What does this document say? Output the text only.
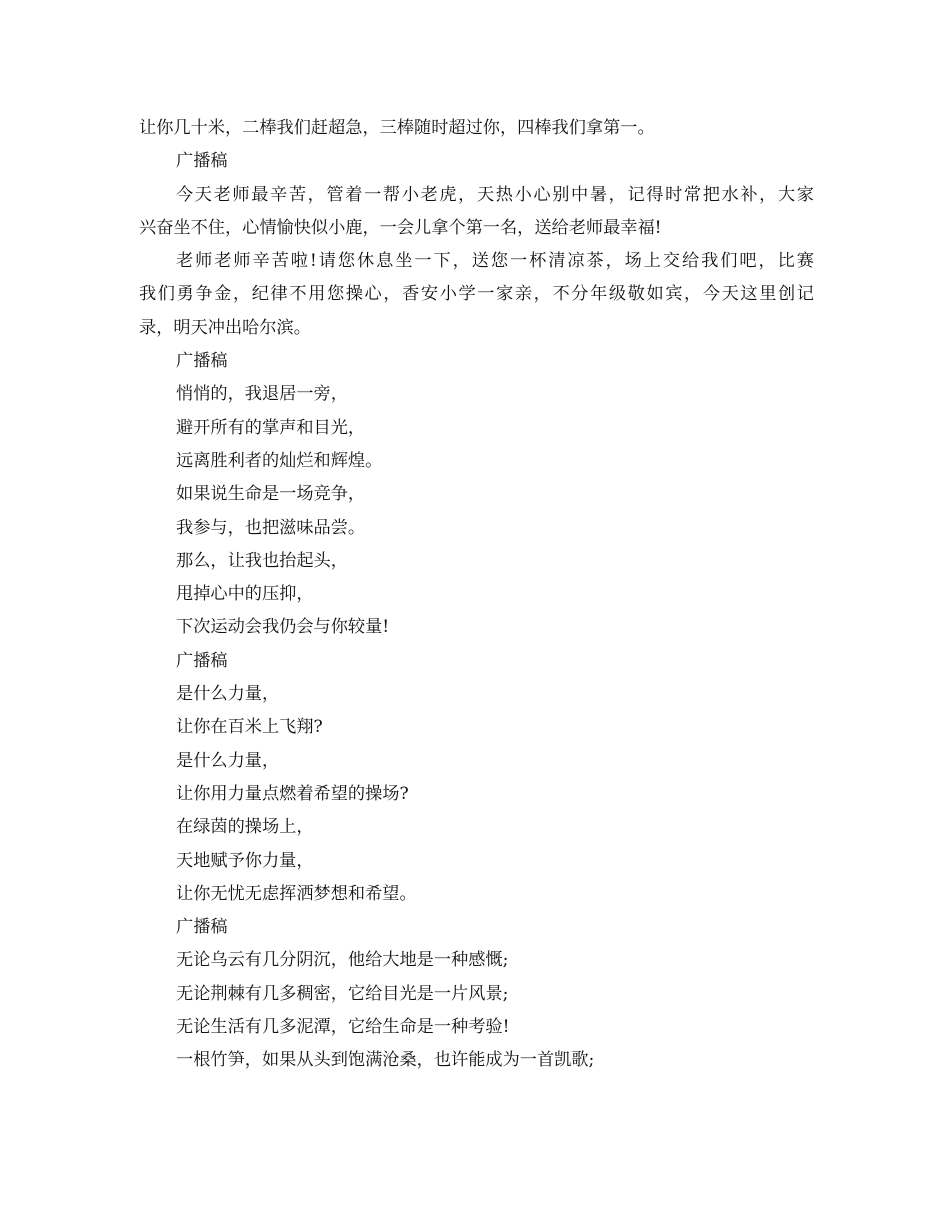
让你几十米，二棒我们赶超急，三棒随时超过你，四棒我们拿第一。
广播稿
今天老师最辛苦，管着一帮小老虎，天热小心别中暑，记得时常把水补，大家
兴奋坐不住，心情愉快似小鹿，一会儿拿个第一名，送给老师最幸福!
老师老师辛苦啦!请您休息坐一下，送您一杯清凉茶，场上交给我们吧，比赛
我们勇争金，纪律不用您操心，香安小学一家亲，不分年级敬如宾，今天这里创记
录，明天冲出哈尔滨。
广播稿
悄悄的，我退居一旁，
避开所有的掌声和目光，
远离胜利者的灿烂和辉煌。
如果说生命是一场竞争，
我参与，也把滋味品尝。
那么，让我也抬起头，
甩掉心中的压抑，
下次运动会我仍会与你较量!
广播稿
是什么力量，
让你在百米上飞翔?
是什么力量，
让你用力量点燃着希望的操场?
在绿茵的操场上，
天地赋予你力量，
让你无忧无虑挥洒梦想和希望。
广播稿
无论乌云有几分阴沉，他给大地是一种感慨;
无论荆棘有几多稠密，它给目光是一片风景;
无论生活有几多泥潭，它给生命是一种考验!
一根竹笋，如果从头到饱满沧桑，也许能成为一首凯歌;
